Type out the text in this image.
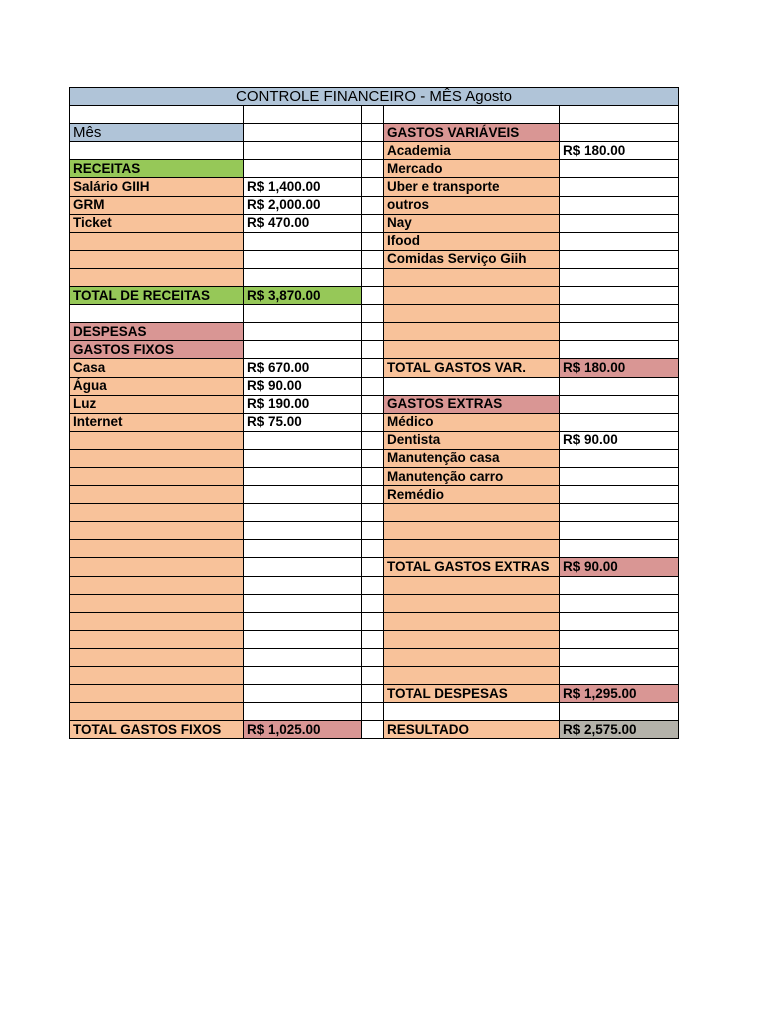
CONTROLE FINANCEIRO - MÊS Agosto				

Mês			GASTOS VARIÁVEIS	
			Academia	R$ 180.00
RECEITAS			Mercado	
Salário GIIH	R$ 1,400.00		Uber e transporte	
GRM	R$ 2,000.00		outros	
Ticket	R$ 470.00		Nay	
			Ifood	
			Comidas Serviço Giih	

TOTAL DE RECEITAS	R$ 3,870.00			

DESPESAS				
GASTOS FIXOS				
Casa	R$ 670.00		TOTAL GASTOS VAR.	R$ 180.00
Água	R$ 90.00			
Luz	R$ 190.00		GASTOS EXTRAS	
Internet	R$ 75.00		Médico	
			Dentista	R$ 90.00
			Manutenção casa	
			Manutenção carro	
			Remédio	

			TOTAL GASTOS EXTRAS	R$ 90.00

			TOTAL DESPESAS	R$ 1,295.00

TOTAL GASTOS FIXOS	R$ 1,025.00		RESULTADO	R$ 2,575.00
